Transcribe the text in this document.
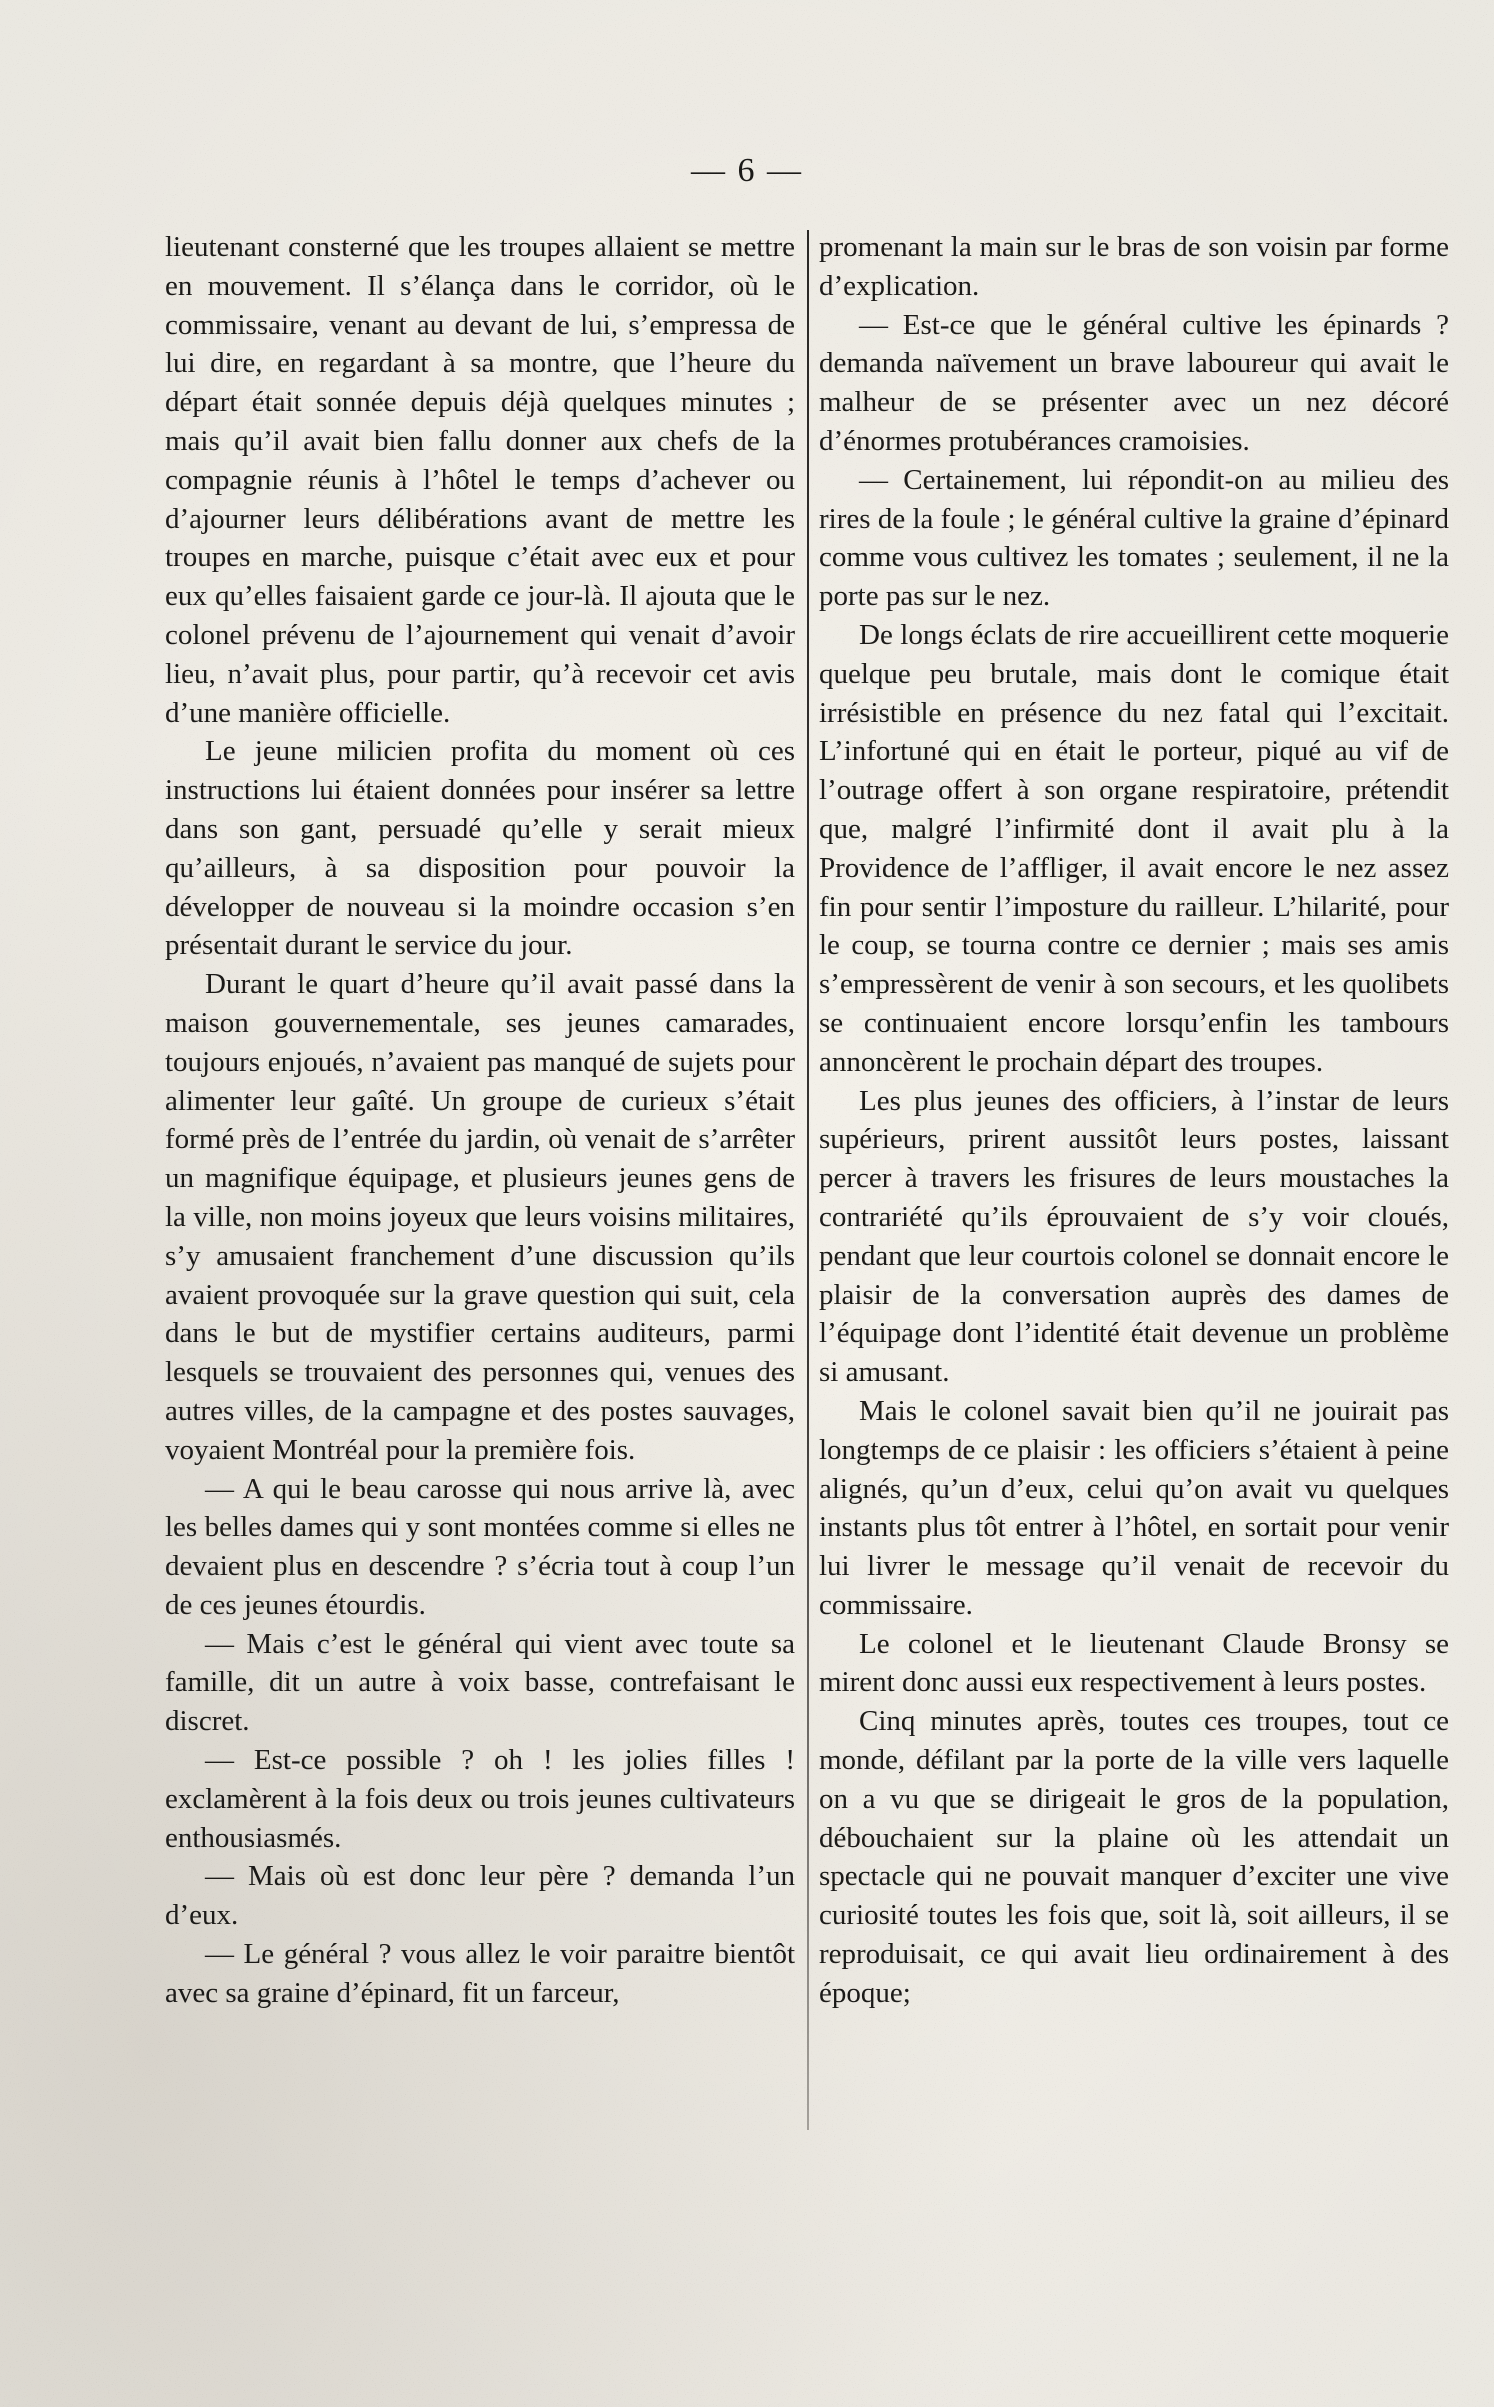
— 6 —

lieutenant consterné que les troupes allaient se mettre en mouvement. Il s’élança dans le corridor, où le commissaire, venant au devant de lui, s’empressa de lui dire, en regardant à sa montre, que l’heure du départ était sonnée depuis déjà quelques minutes ; mais qu’il avait bien fallu donner aux chefs de la compagnie réunis à l’hôtel le temps d’achever ou d’ajourner leurs délibérations avant de mettre les troupes en marche, puisque c’était avec eux et pour eux qu’elles faisaient garde ce jour-là. Il ajouta que le colonel prévenu de l’ajournement qui venait d’avoir lieu, n’avait plus, pour partir, qu’à recevoir cet avis d’une manière officielle.

Le jeune milicien profita du moment où ces instructions lui étaient données pour insérer sa lettre dans son gant, persuadé qu’elle y serait mieux qu’ailleurs, à sa disposition pour pouvoir la développer de nouveau si la moindre occasion s’en présentait durant le service du jour.

Durant le quart d’heure qu’il avait passé dans la maison gouvernementale, ses jeunes camarades, toujours enjoués, n’avaient pas manqué de sujets pour alimenter leur gaîté. Un groupe de curieux s’était formé près de l’entrée du jardin, où venait de s’arrêter un magnifique équipage, et plusieurs jeunes gens de la ville, non moins joyeux que leurs voisins militaires, s’y amusaient franchement d’une discussion qu’ils avaient provoquée sur la grave question qui suit, cela dans le but de mystifier certains auditeurs, parmi lesquels se trouvaient des personnes qui, venues des autres villes, de la campagne et des postes sauvages, voyaient Montréal pour la première fois.

— A qui le beau carosse qui nous arrive là, avec les belles dames qui y sont montées comme si elles ne devaient plus en descendre ? s’écria tout à coup l’un de ces jeunes étourdis.

— Mais c’est le général qui vient avec toute sa famille, dit un autre à voix basse, contrefaisant le discret.

— Est-ce possible ? oh ! les jolies filles ! exclamèrent à la fois deux ou trois jeunes cultivateurs enthousiasmés.

— Mais où est donc leur père ? demanda l’un d’eux.

— Le général ? vous allez le voir paraitre bientôt avec sa graine d’épinard, fit un farceur,

promenant la main sur le bras de son voisin par forme d’explication.

— Est-ce que le général cultive les épinards ? demanda naïvement un brave laboureur qui avait le malheur de se présenter avec un nez décoré d’énormes protubérances cramoisies.

— Certainement, lui répondit-on au milieu des rires de la foule ; le général cultive la graine d’épinard comme vous cultivez les tomates ; seulement, il ne la porte pas sur le nez.

De longs éclats de rire accueillirent cette moquerie quelque peu brutale, mais dont le comique était irrésistible en présence du nez fatal qui l’excitait. L’infortuné qui en était le porteur, piqué au vif de l’outrage offert à son organe respiratoire, prétendit que, malgré l’infirmité dont il avait plu à la Providence de l’affliger, il avait encore le nez assez fin pour sentir l’imposture du railleur. L’hilarité, pour le coup, se tourna contre ce dernier ; mais ses amis s’empressèrent de venir à son secours, et les quolibets se continuaient encore lorsqu’enfin les tambours annoncèrent le prochain départ des troupes.

Les plus jeunes des officiers, à l’instar de leurs supérieurs, prirent aussitôt leurs postes, laissant percer à travers les frisures de leurs moustaches la contrariété qu’ils éprouvaient de s’y voir cloués, pendant que leur courtois colonel se donnait encore le plaisir de la conversation auprès des dames de l’équipage dont l’identité était devenue un problème si amusant.

Mais le colonel savait bien qu’il ne jouirait pas longtemps de ce plaisir : les officiers s’étaient à peine alignés, qu’un d’eux, celui qu’on avait vu quelques instants plus tôt entrer à l’hôtel, en sortait pour venir lui livrer le message qu’il venait de recevoir du commissaire.

Le colonel et le lieutenant Claude Bronsy se mirent donc aussi eux respectivement à leurs postes.

Cinq minutes après, toutes ces troupes, tout ce monde, défilant par la porte de la ville vers laquelle on a vu que se dirigeait le gros de la population, débouchaient sur la plaine où les attendait un spectacle qui ne pouvait manquer d’exciter une vive curiosité toutes les fois que, soit là, soit ailleurs, il se reproduisait, ce qui avait lieu ordinairement à des époque;
